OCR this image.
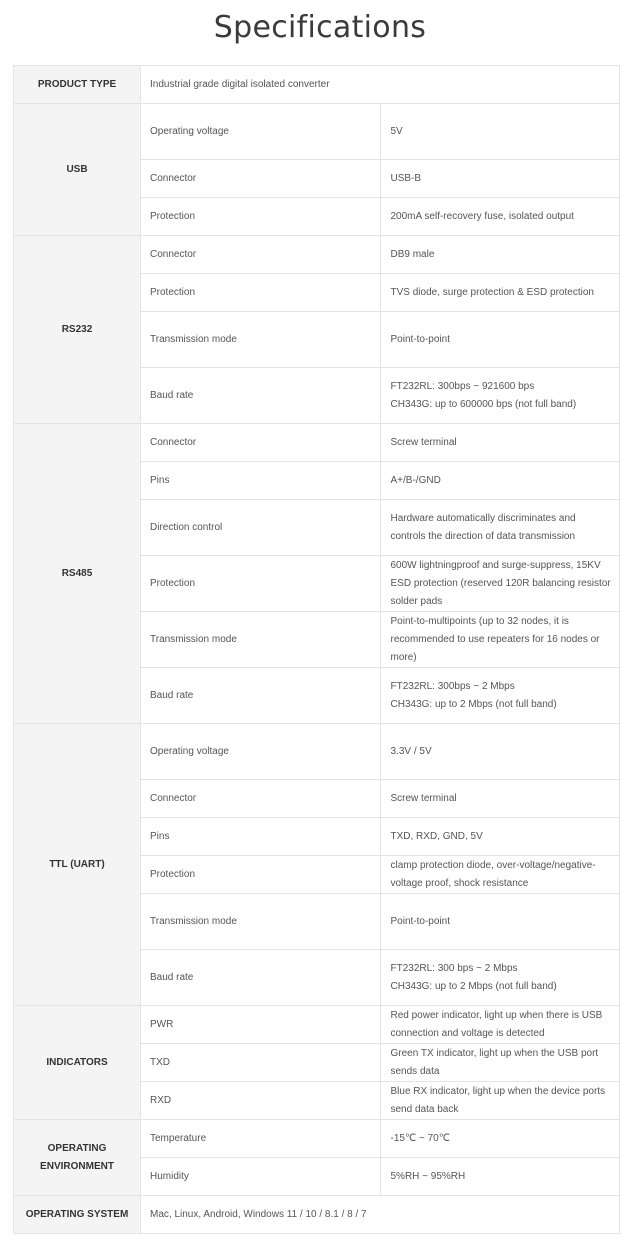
Specifications
PRODUCT TYPE	Industrial grade digital isolated converter	
USB	Operating voltage	5V

	Connector	USB-B

	Protection	200mA self-recovery fuse, isolated output

RS232	Connector	DB9 male

	Protection	TVS diode, surge protection & ESD protection

	Transmission mode	Point-to-point

	Baud rate	FT232RL: 300bps ~ 921600 bps
CH343G: up to 600000 bps (not full band)

RS485	Connector	Screw terminal

	Pins	A+/B-/GND

	Direction control	Hardware automatically discriminates and controls the direction of data transmission

	Protection	600W lightningproof and surge-suppress, 15KV ESD protection (reserved 120R balancing resistor solder pads

	Transmission mode	Point-to-multipoints (up to 32 nodes, it is recommended to use repeaters for 16 nodes or more)

	Baud rate	FT232RL: 300bps ~ 2 Mbps
CH343G: up to 2 Mbps (not full band)

TTL (UART)	Operating voltage	3.3V / 5V

	Connector	Screw terminal

	Pins	TXD, RXD, GND, 5V

	Protection	clamp protection diode, over-voltage/negative-voltage proof, shock resistance

	Transmission mode	Point-to-point

	Baud rate	FT232RL: 300 bps ~ 2 Mbps
CH343G: up to 2 Mbps (not full band)

INDICATORS	PWR	Red power indicator, light up when there is USB connection and voltage is detected

	TXD	Green TX indicator, light up when the USB port sends data

	RXD	Blue RX indicator, light up when the device ports send data back

OPERATING ENVIRONMENT	Temperature	-15℃ ~ 70℃

	Humidity	5%RH ~ 95%RH

OPERATING SYSTEM	Mac, Linux, Android, Windows 11 / 10 / 8.1 / 8 / 7	
